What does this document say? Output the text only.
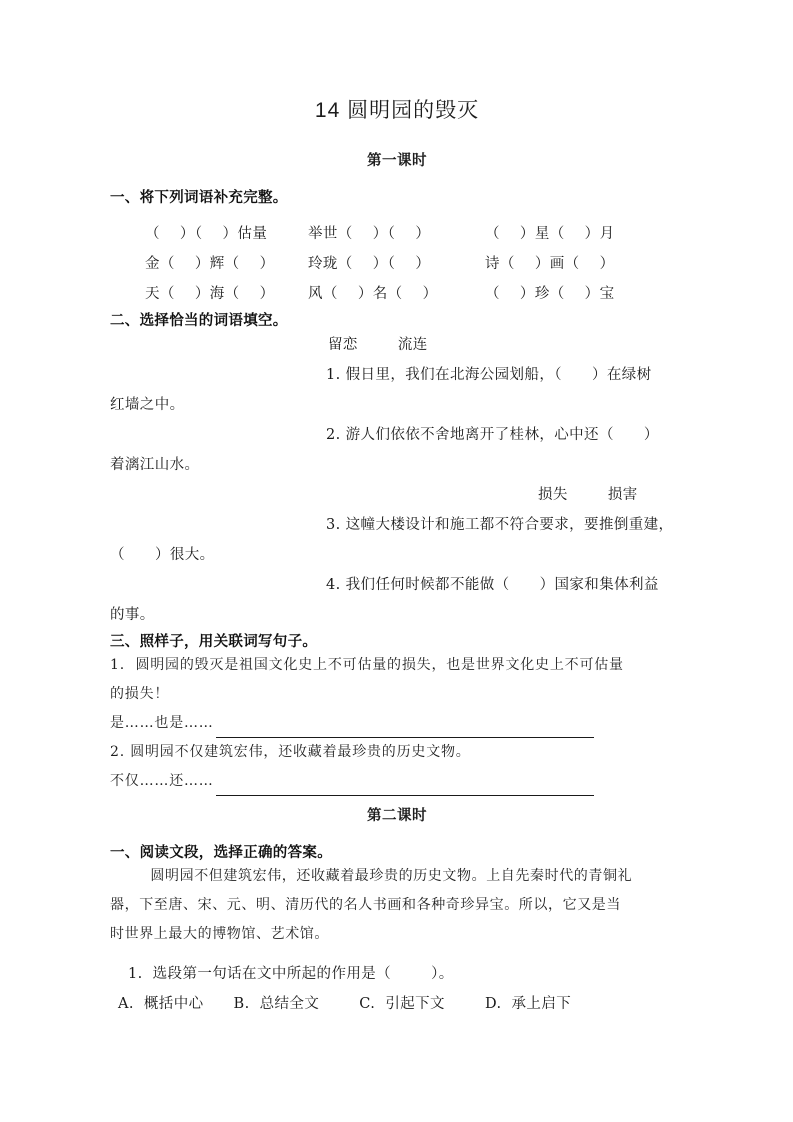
14 圆明园的毁灭
第一课时
一、将下列词语补充完整。
（    ）（    ）估量	举世（    ）（    ）	（    ）星（    ）月
金（    ）辉（    ） 玲珑（    ）（    ）	诗（    ）画（    ）
天（    ）海（    ） 风（    ）名（    ）	（    ）珍（    ）宝
二、选择恰当的词语填空。
留恋        流连
1. 假日里，我们在北海公园划船，（      ）在绿树
红墙之中。
2. 游人们依依不舍地离开了桂林，心中还（      ）
着漓江山水。
损失        损害
3. 这幢大楼设计和施工都不符合要求，要推倒重建，
（      ）很大。
4. 我们任何时候都不能做（      ）国家和集体利益
的事。
三、照样子，用关联词写句子。
1.  圆明园的毁灭是祖国文化史上不可估量的损失，也是世界文化史上不可估量
的损失！
是……也是……
2. 圆明园不仅建筑宏伟，还收藏着最珍贵的历史文物。
不仅……还……
第二课时
一、阅读文段，选择正确的答案。
圆明园不但建筑宏伟，还收藏着最珍贵的历史文物。上自先秦时代的青铜礼
器，下至唐、宋、元、明、清历代的名人书画和各种奇珍异宝。所以，它又是当
时世界上最大的博物馆、艺术馆。
1.  选段第一句话在文中所起的作用是（        ）。
A.  概括中心      B.  总结全文        C.  引起下文        D.  承上启下
